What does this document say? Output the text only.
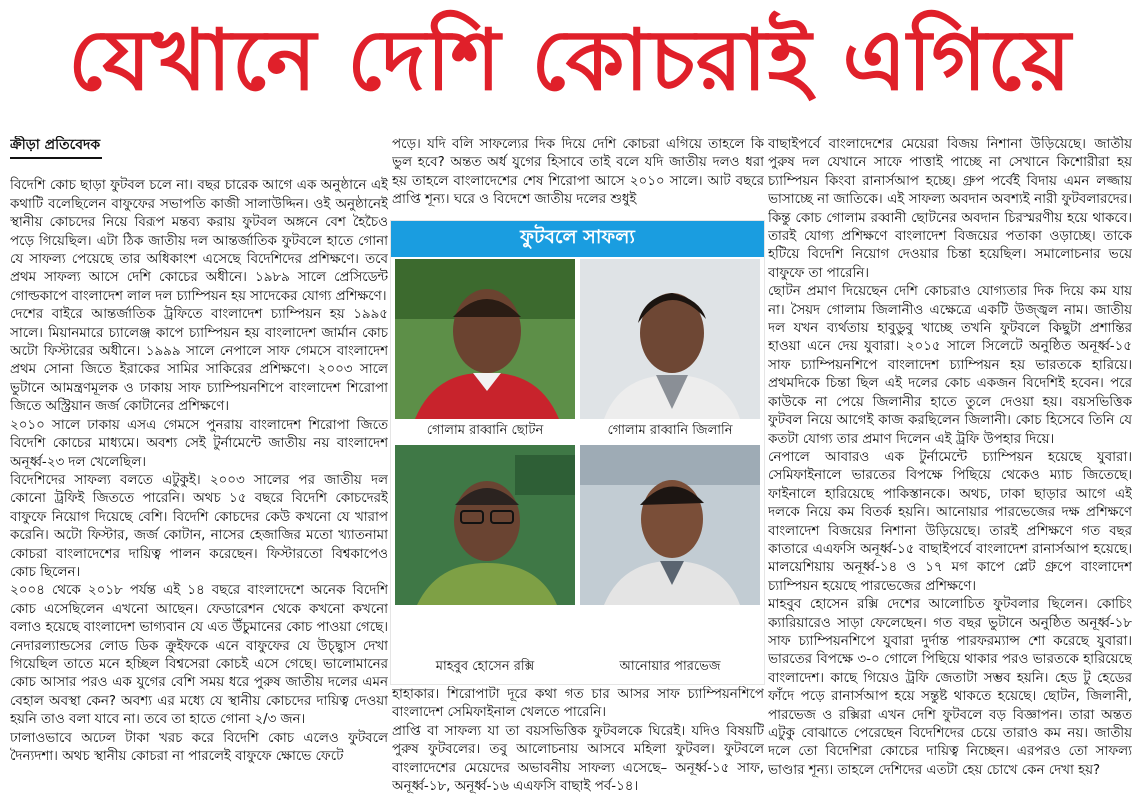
যেখানে দেশি কোচরাই এগিয়ে
ক্রীড়া প্রতিবেদক

বিদেশি কোচ ছাড়া ফুটবল চলে না। বছর চারেক আগে এক অনুষ্ঠানে এই কথাটি বলেছিলেন বাফুফের সভাপতি কাজী সালাউদ্দিন। ওই অনুষ্ঠানেই স্থানীয় কোচদের নিয়ে বিরূপ মন্তব্য করায় ফুটবল অঙ্গনে বেশ হৈচৈও পড়ে গিয়েছিল। এটা ঠিক জাতীয় দল আন্তর্জাতিক ফুটবলে হাতে গোনা যে সাফল্য পেয়েছে তার অধিকাংশ এসেছে বিদেশিদের প্রশিক্ষণে। তবে প্রথম সাফল্য আসে দেশি কোচের অধীনে। ১৯৮৯ সালে প্রেসিডেন্ট গোল্ডকাপে বাংলাদেশ লাল দল চ্যাম্পিয়ন হয় সাদেকের যোগ্য প্রশিক্ষণে।

দেশের বাইরে আন্তর্জাতিক ট্রফিতে বাংলাদেশ চ্যাম্পিয়ন হয় ১৯৯৫ সালে। মিয়ানমারে চ্যালেঞ্জ কাপে চ্যাম্পিয়ন হয় বাংলাদেশ জার্মান কোচ অটো ফিস্টারের অধীনে। ১৯৯৯ সালে নেপালে সাফ গেমসে বাংলাদেশ প্রথম সোনা জিতে ইরাকের সামির সাকিরের প্রশিক্ষণে। ২০০৩ সালে ভুটানে আমন্ত্রণমূলক ও ঢাকায় সাফ চ্যাম্পিয়নশিপে বাংলাদেশ শিরোপা জিতে অস্ট্রিয়ান জর্জ কোটানের প্রশিক্ষণে।

২০১০ সালে ঢাকায় এসএ গেমসে পুনরায় বাংলাদেশ শিরোপা জিতে বিদেশি কোচের মাধ্যমে। অবশ্য সেই টুর্নামেন্টে জাতীয় নয় বাংলাদেশ অনূর্ধ্ব-২৩ দল খেলেছিল।

বিদেশিদের সাফল্য বলতে এটুকুই। ২০০৩ সালের পর জাতীয় দল কোনো ট্রফিই জিততে পারেনি। অথচ ১৫ বছরে বিদেশি কোচদেরই বাফুফে নিয়োগ দিয়েছে বেশি। বিদেশি কোচদের কেউ কখনো যে খারাপ করেনি। অটো ফিস্টার, জর্জ কোটান, নাসের হেজাজির মতো খ্যাতনামা কোচরা বাংলাদেশের দায়িত্ব পালন করেছেন। ফিস্টারতো বিশ্বকাপেও কোচ ছিলেন।

২০০৪ থেকে ২০১৮ পর্যন্ত এই ১৪ বছরে বাংলাদেশে অনেক বিদেশি কোচ এসেছিলেন এখনো আছেন। ফেডারেশন থেকে কখনো কখনো বলাও হয়েছে বাংলাদেশ ভাগ্যবান যে এত উঁচুমানের কোচ পাওয়া গেছে। নেদারল্যান্ডসের লোড ডিক ক্রুইফকে এনে বাফুফের যে উচ্ছ্বাস দেখা গিয়েছিল তাতে মনে হচ্ছিল বিশ্বসেরা কোচই এসে গেছে। ভালোমানের কোচ আসার পরও এক যুগের বেশি সময় ধরে পুরুষ জাতীয় দলের এমন বেহাল অবস্থা কেন? অবশ্য এর মধ্যে যে স্থানীয় কোচদের দায়িত্ব দেওয়া হয়নি তাও বলা যাবে না। তবে তা হাতে গোনা ২/৩ জন।

ঢালাওভাবে অঢেল টাকা খরচ করে বিদেশি কোচ এলেও ফুটবলে দৈন্যদশা। অথচ স্থানীয় কোচরা না পারলেই বাফুফে ক্ষোভে ফেটে

পড়ে। যদি বলি সাফল্যের দিক দিয়ে দেশি কোচরা এগিয়ে তাহলে কি ভুল হবে? অন্তত অর্ধ যুগের হিসাবে তাই বলে যদি জাতীয় দলও ধরা হয় তাহলে বাংলাদেশের শেষ শিরোপা আসে ২০১০ সালে। আট বছরে প্রাপ্তি শূন্য। ঘরে ও বিদেশে জাতীয় দলের শুধুই

ফুটবলে সাফল্য
গোলাম রাব্বানি ছোটন	গোলাম রাব্বানি জিলানি
মাহবুব হোসেন রক্সি	আনোয়ার পারভেজ

হাহাকার। শিরোপাটা দূরে কথা গত চার আসর সাফ চ্যাম্পিয়নশিপে বাংলাদেশ সেমিফাইনাল খেলতে পারেনি।

প্রাপ্তি বা সাফল্য যা তা বয়সভিত্তিক ফুটবলকে ঘিরেই। যদিও বিষয়টি পুরুষ ফুটবলের। তবু আলোচনায় আসবে মহিলা ফুটবল। ফুটবলে বাংলাদেশের মেয়েদের অভাবনীয় সাফল্য এসেছে– অনূর্ধ্ব-১৫ সাফ, অনূর্ধ্ব-১৮, অনূর্ধ্ব-১৬ এএফসি বাছাই পর্ব-১৪।

বাছাইপর্বে বাংলাদেশের মেয়েরা বিজয় নিশানা উড়িয়েছে। জাতীয় পুরুষ দল যেখানে সাফে পাত্তাই পাচ্ছে না সেখানে কিশোরীরা হয় চ্যাম্পিয়ন কিংবা রানার্সআপ হচ্ছে। গ্রুপ পর্বেই বিদায় এমন লজ্জায় ভাসাচ্ছে না জাতিকে। এই সাফল্য অবদান অবশ্যই নারী ফুটবলারদের। কিন্তু কোচ গোলাম রব্বানী ছোটনের অবদান চিরস্মরণীয় হয়ে থাকবে। তারই যোগ্য প্রশিক্ষণে বাংলাদেশ বিজয়ের পতাকা ওড়াচ্ছে। তাকে হটিয়ে বিদেশি নিয়োগ দেওয়ার চিন্তা হয়েছিল। সমালোচনার ভয়ে বাফুফে তা পারেনি।

ছোটন প্রমাণ দিয়েছেন দেশি কোচরাও যোগ্যতার দিক দিয়ে কম যায় না। সৈয়দ গোলাম জিলানীও এক্ষেত্রে একটি উজ্জ্বল নাম। জাতীয় দল যখন ব্যর্থতায় হাবুডুবু খাচ্ছে তখনি ফুটবলে কিছুটা প্রশান্তির হাওয়া এনে দেয় যুবারা। ২০১৫ সালে সিলেটে অনুষ্ঠিত অনূর্ধ্ব-১৫ সাফ চ্যাম্পিয়নশিপে বাংলাদেশ চ্যাম্পিয়ন হয় ভারতকে হারিয়ে। প্রথমদিকে চিন্তা ছিল এই দলের কোচ একজন বিদেশিই হবেন। পরে কাউকে না পেয়ে জিলানীর হাতে তুলে দেওয়া হয়। বয়সভিত্তিক ফুটবল নিয়ে আগেই কাজ করছিলেন জিলানী। কোচ হিসেবে তিনি যে কতটা যোগ্য তার প্রমাণ দিলেন এই ট্রফি উপহার দিয়ে।

নেপালে আবারও এক টুর্নামেন্টে চ্যাম্পিয়ন হয়েছে যুবারা। সেমিফাইনালে ভারতের বিপক্ষে পিছিয়ে থেকেও ম্যাচ জিতেছে। ফাইনালে হারিয়েছে পাকিস্তানকে। অথচ, ঢাকা ছাড়ার আগে এই দলকে নিয়ে কম বিতর্ক হয়নি। আনোয়ার পারভেজের দক্ষ প্রশিক্ষণে বাংলাদেশ বিজয়ের নিশানা উড়িয়েছে। তারই প্রশিক্ষণে গত বছর কাতারে এএফসি অনূর্ধ্ব-১৫ বাছাইপর্বে বাংলাদেশ রানার্সআপ হয়েছে। মালয়েশিয়ায় অনূর্ধ্ব-১৪ ও ১৭ মগ কাপে প্লেট গ্রুপে বাংলাদেশ চ্যাম্পিয়ন হয়েছে পারভেজের প্রশিক্ষণে।

মাহবুব হোসেন রক্সি দেশের আলোচিত ফুটবলার ছিলেন। কোচিং ক্যারিয়ারেও সাড়া ফেলেছেন। গত বছর ভুটানে অনুষ্ঠিত অনূর্ধ্ব-১৮ সাফ চ্যাম্পিয়নশিপে যুবারা দুর্দান্ত পারফরম্যান্স শো করেছে যুবারা। ভারতের বিপক্ষে ৩-০ গোলে পিছিয়ে থাকার পরও ভারতকে হারিয়েছে বাংলাদেশ। কাছে গিয়েও ট্রফি জেতাটা সম্ভব হয়নি। হেড টু হেডের ফাঁদে পড়ে রানার্সআপ হয়ে সন্তুষ্ট থাকতে হয়েছে। ছোটন, জিলানী, পারভেজ ও রক্সিরা এখন দেশি ফুটবলে বড় বিজ্ঞাপন। তারা অন্তত এটুকু বোঝাতে পেরেছেন বিদেশিদের চেয়ে তারাও কম নয়। জাতীয় দলে তো বিদেশিরা কোচের দায়িত্ব নিচ্ছেন। এরপরও তো সাফল্য ভাণ্ডার শূন্য। তাহলে দেশিদের এতটা হেয় চোখে কেন দেখা হয়?
